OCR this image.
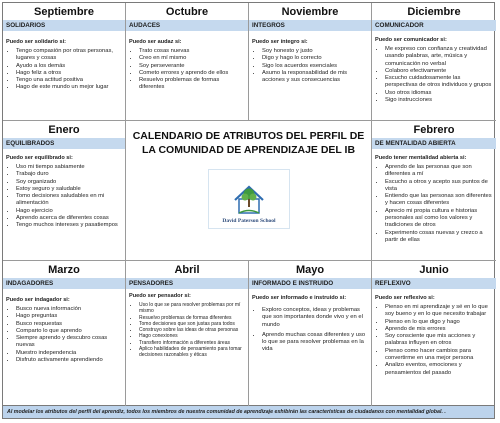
Septiembre
SOLIDARIOS
Puedo ser solidario si:
• Tengo compasión por otras personas, lugares y cosas
• Ayudo a los demás
• Hago feliz a otros
• Tengo una actitud positiva
• Hago de este mundo un mejor lugar
Octubre
AUDACES
Puedo ser audaz si:
• Trato cosas nuevas
• Creo en mí mismo
• Soy perseverante
• Cometo errores y aprendo de ellos
• Resuelvo problemas de formas diferentes
Noviembre
INTEGROS
Puedo ser íntegro si:
• Soy honesto y justo
• Digo y hago lo correcto
• Sigo los acuerdos esenciales
• Asumo la responsabilidad de mis acciones y sus consecuencias
Diciembre
COMUNICADOR
Puedo ser comunicador si:
• Me expreso con confianza y creatividad usando palabras, arte, música y comunicación no verbal
• Colaboro efectivamente
• Escucho cuidadosamente las perspectivas de otros individuos y grupos
• Uso otros idiomas
• Sigo instrucciones
Enero
EQUILIBRADOS
Puedo ser equilibrado si:
• Uso mi tiempo sabiamente
• Trabajo duro
• Soy organizado
• Estoy seguro y saludable
• Tomo decisiones saludables en mi alimentación
• Hago ejercicio
• Aprendo acerca de diferentes cosas
• Tengo muchos intereses y pasatiempos
CALENDARIO DE ATRIBUTOS DEL PERFIL DE LA COMUNIDAD DE APRENDIZAJE DEL IB
David Paterson School
Febrero
DE MENTALIDAD ABIERTA
Puedo tener mentalidad abierta si:
• Aprendo de las personas que son diferentes a mí
• Escucho a otros y acepto sus puntos de vista
• Entiendo que las personas son diferentes y hacen cosas diferentes
• Aprecio mi propia cultura e historias personales así como los valores y tradiciones de otros
• Experimento cosas nuevas y crezco a partir de ellas
Marzo
INDAGADORES
Puedo ser indagador si:
• Busco nueva información
• Hago preguntas
• Busco respuestas
• Comparto lo que aprendo
• Siempre aprendo y descubro cosas nuevas
• Muestro independencia
• Disfruto activamente aprendiendo
Abril
PENSADORES
Puedo ser pensador si:
• Uso lo que se para resolver problemas por mí mismo
• Resuelvo problemas de formas diferentes
• Tomo decisiones que son justas para todos
• Construyo sobre las ideas de otras personas
• Hago conexiones
• Transfiero información a diferentes áreas
• Aplico habilidades de pensamiento para tomar decisiones razonables y éticas
Mayo
INFORMADO E INSTRUIDO
Puedo ser informado e instruido si:
• Exploro conceptos, ideas y problemas que son importantes donde vivo y en el mundo
• Aprendo muchas cosas diferentes y uso lo que se para resolver problemas en la vida
Junio
REFLEXIVO
Puedo ser reflexivo si:
• Pienso en mi aprendizaje y sé en lo que soy bueno y en lo que necesito trabajar
• Pienso en lo que digo y hago
• Aprendo de mis errores
• Soy consciente que mis acciones y palabras influyen en otros
• Pienso como hacer cambios para convertirme en una mejor persona
• Analizo eventos, emociones y pensamientos del pasado
Al modelar los atributos del perfil del aprendiz, todos los miembros de nuestra comunidad de aprendizaje exhibirán las características de ciudadanos con mentalidad global. .
